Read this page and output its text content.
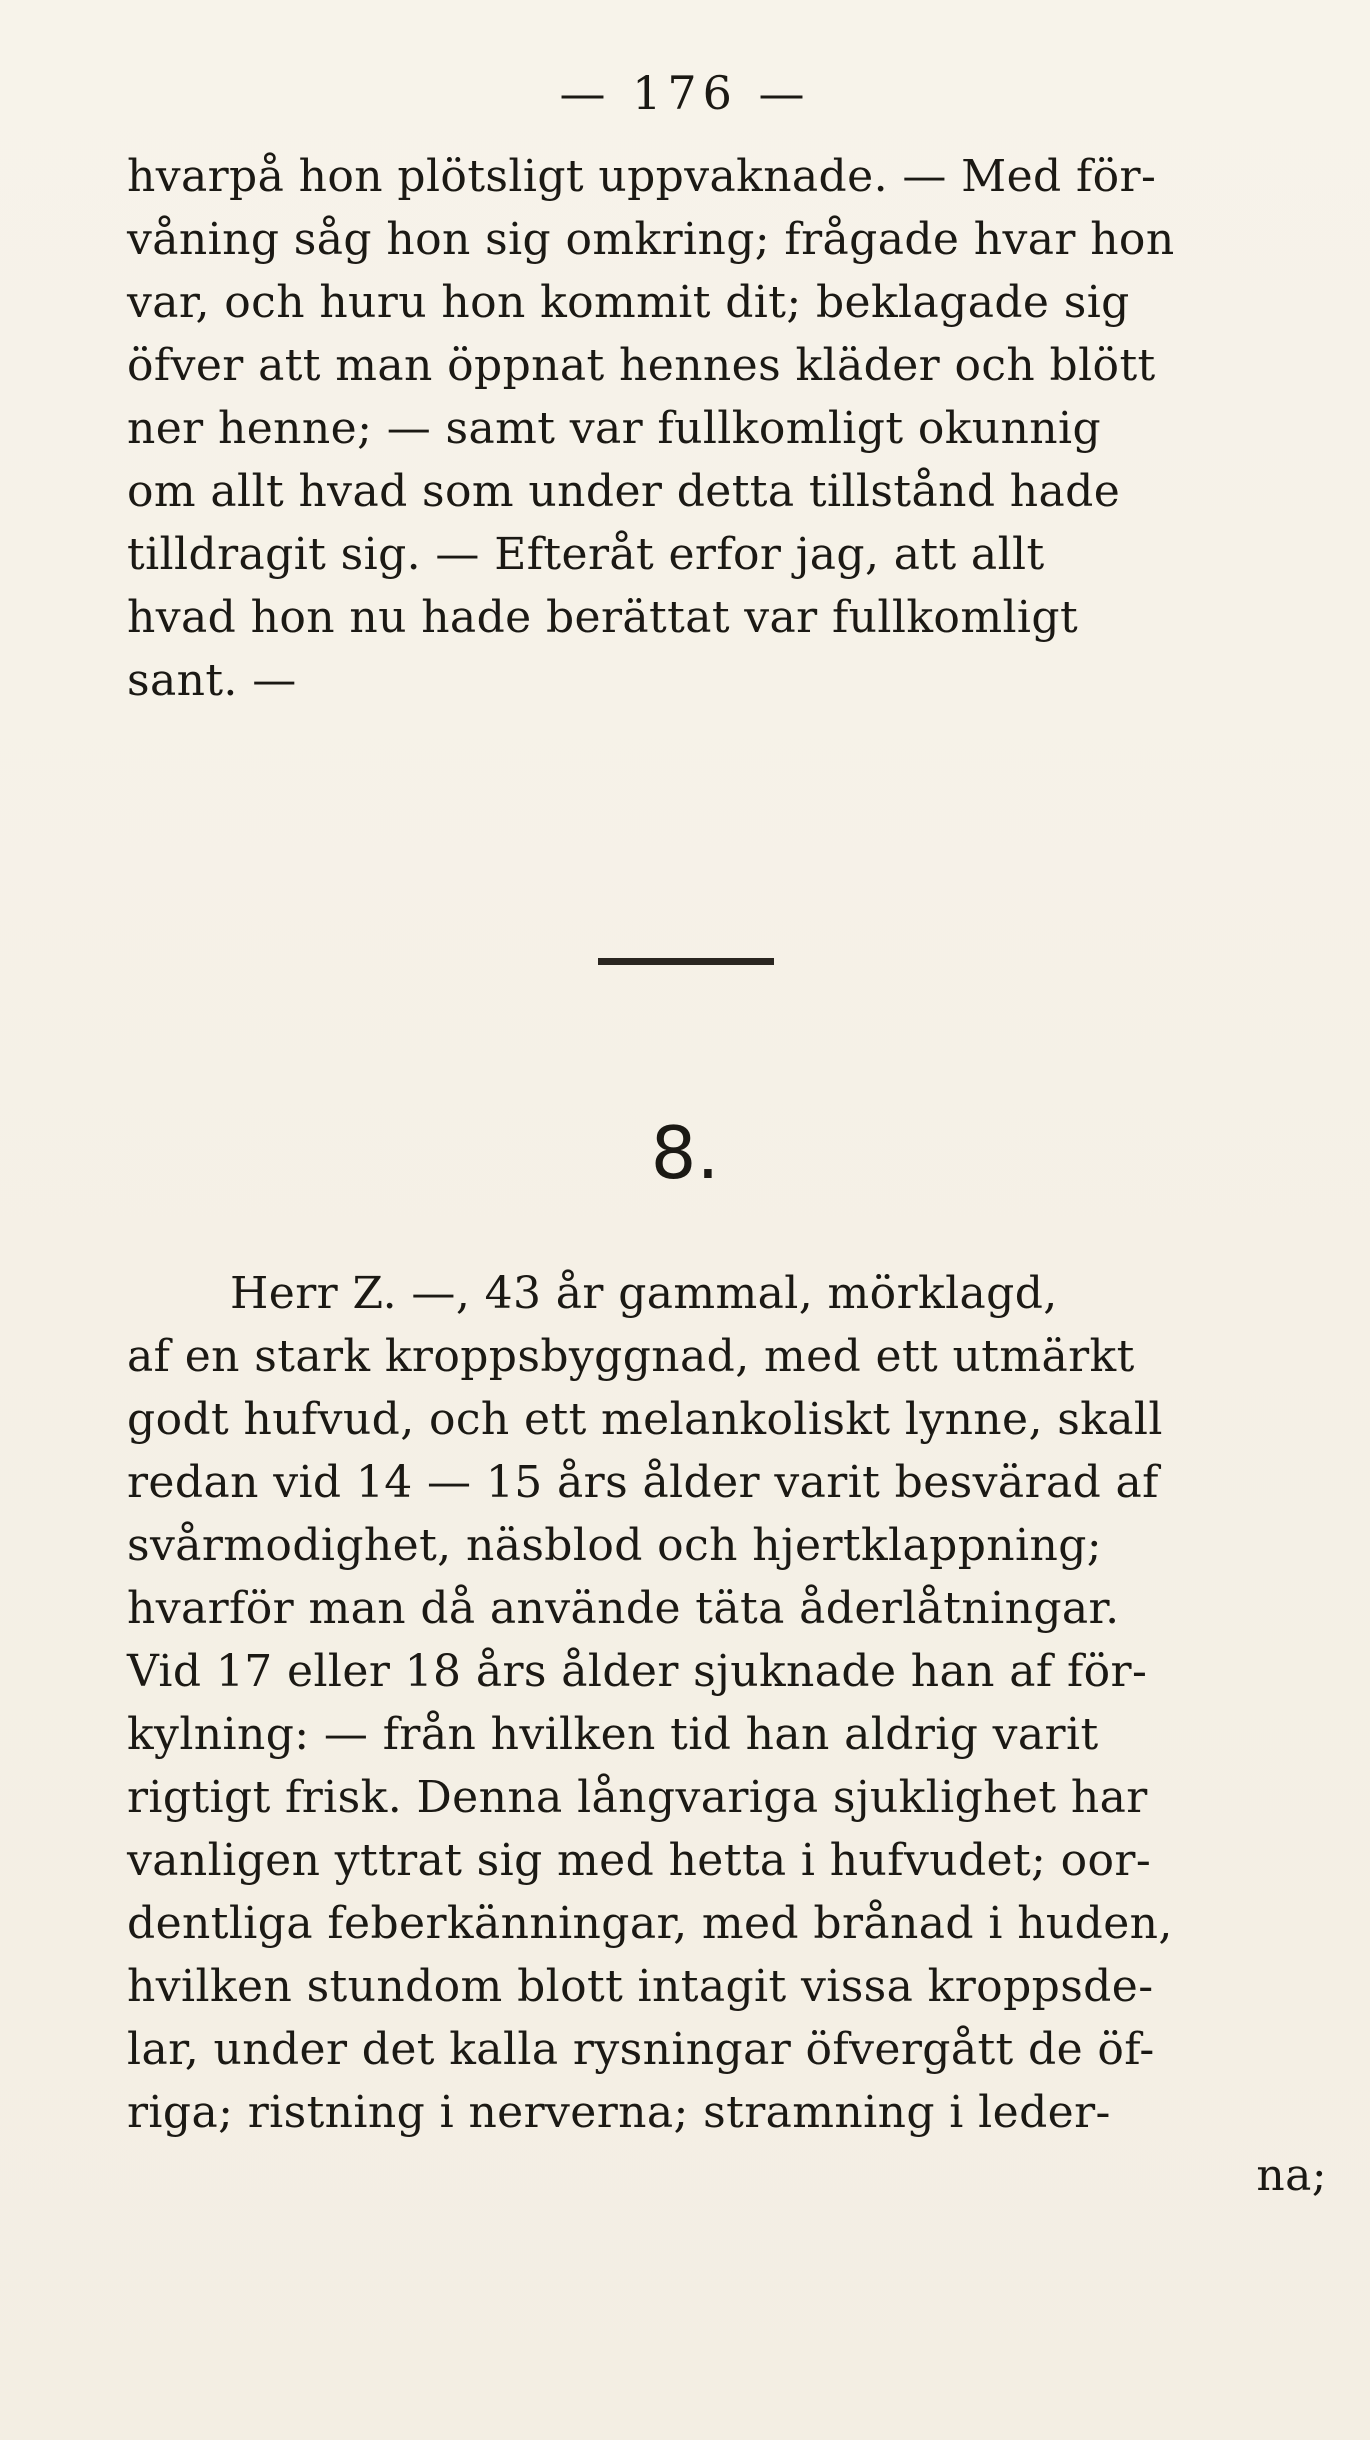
— 176 —
hvarpå hon plötsligt uppvaknade. — Med för-
våning såg hon sig omkring; frågade hvar hon
var, och huru hon kommit dit; beklagade sig
öfver att man öppnat hennes kläder och blött
ner henne; — samt var fullkomligt okunnig
om allt hvad som under detta tillstånd hade
tilldragit sig. — Efteråt erfor jag, att allt
hvad hon nu hade berättat var fullkomligt
sant. —
8.
Herr Z. —, 43 år gammal, mörklagd,
af en stark kroppsbyggnad, med ett utmärkt
godt hufvud, och ett melankoliskt lynne, skall
redan vid 14 — 15 års ålder varit besvärad af
svårmodighet, näsblod och hjertklappning;
hvarför man då använde täta åderlåtningar.
Vid 17 eller 18 års ålder sjuknade han af för-
kylning: — från hvilken tid han aldrig varit
rigtigt frisk. Denna långvariga sjuklighet har
vanligen yttrat sig med hetta i hufvudet; oor-
dentliga feberkänningar, med brånad i huden,
hvilken stundom blott intagit vissa kroppsde-
lar, under det kalla rysningar öfvergått de öf-
riga; ristning i nerverna; stramning i leder-
na;
